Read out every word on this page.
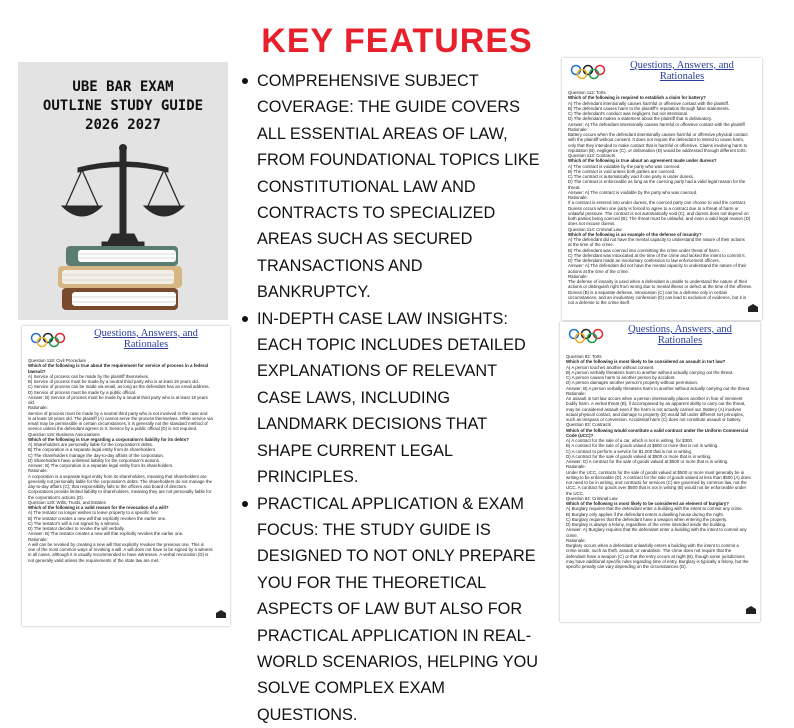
KEY FEATURES
UBE BAR EXAM
OUTLINE STUDY GUIDE
2026 2027
COMPREHENSIVE SUBJECT COVERAGE: THE GUIDE COVERS ALL ESSENTIAL AREAS OF LAW, FROM FOUNDATIONAL TOPICS LIKE CONSTITUTIONAL LAW AND CONTRACTS TO SPECIALIZED AREAS SUCH AS SECURED TRANSACTIONS AND BANKRUPTCY.
IN-DEPTH CASE LAW INSIGHTS: EACH TOPIC INCLUDES DETAILED EXPLANATIONS OF RELEVANT CASE LAWS, INCLUDING LANDMARK DECISIONS THAT SHAPE CURRENT LEGAL PRINCIPLES.
PRACTICAL APPLICATION & EXAM FOCUS: THE STUDY GUIDE IS DESIGNED TO NOT ONLY PREPARE YOU FOR THE THEORETICAL ASPECTS OF LAW BUT ALSO FOR PRACTICAL APPLICATION IN REAL-WORLD SCENARIOS, HELPING YOU SOLVE COMPLEX EXAM QUESTIONS.
Questions, Answers, and
Rationales
Question 112: Torts
Which of the following is required to establish a claim for battery?
A) The defendant intentionally causes harmful or offensive contact with the plaintiff.
B) The defendant causes harm to the plaintiff's reputation through false statements.
C) The defendant's conduct was negligent, but not intentional.
D) The defendant makes a statement about the plaintiff that is defamatory.
Answer: A) The defendant intentionally causes harmful or offensive contact with the plaintiff.
Rationale:
Battery occurs when the defendant intentionally causes harmful or offensive physical contact
with the plaintiff without consent. It does not require the defendant to intend to cause harm,
only that they intended to make contact that is harmful or offensive. Claims involving harm to
reputation (B), negligence (C), or defamation (D) would be addressed through different torts.
Question 113: Contracts
Which of the following is true about an agreement made under duress?
A) The contract is voidable by the party who was coerced.
B) The contract is void unless both parties are coerced.
C) The contract is automatically void if one party is under duress.
D) The contract is enforceable as long as the coercing party had a valid legal reason for the
threat.
Answer: A) The contract is voidable by the party who was coerced.
Rationale:
If a contract is entered into under duress, the coerced party can choose to void the contract.
Duress occurs when one party is forced to agree to a contract due to a threat of harm or
unlawful pressure. The contract is not automatically void (C), and duress does not depend on
both parties being coerced (B). The threat must be unlawful, and even a valid legal reason (D)
does not excuse duress.
Question 114: Criminal Law
Which of the following is an example of the defense of insanity?
A) The defendant did not have the mental capacity to understand the nature of their actions
at the time of the crime.
B) The defendant was coerced into committing the crime under threat of harm.
C) The defendant was intoxicated at the time of the crime and lacked the intent to commit it.
D) The defendant made an involuntary confession to law enforcement officers.
Answer: A) The defendant did not have the mental capacity to understand the nature of their
actions at the time of the crime.
Rationale:
The defense of insanity is used when a defendant is unable to understand the nature of their
actions or distinguish right from wrong due to mental illness or defect at the time of the offense.
Duress (B) is a separate defense, intoxication (C) can be a defense only in certain
circumstances, and an involuntary confession (D) can lead to exclusion of evidence, but it is
not a defense to the crime itself.
Questions, Answers, and
Rationales
Question 118: Civil Procedure
Which of the following is true about the requirement for service of process in a federal
lawsuit?
A) Service of process can be made by the plaintiff themselves.
B) Service of process must be made by a neutral third party who is at least 18 years old.
C) Service of process can be made via email, as long as the defendant has an email address.
D) Service of process must be made by a public official.
Answer: B) Service of process must be made by a neutral third party who is at least 18 years
old.
Rationale:
Service of process must be made by a neutral third party who is not involved in the case and
is at least 18 years old. The plaintiff (A) cannot serve the process themselves. While service via
email may be permissible in certain circumstances, it is generally not the standard method of
service unless the defendant agrees to it. Service by a public official (D) is not required.
Question 119: Business Associations
Which of the following is true regarding a corporation's liability for its debts?
A) Shareholders are personally liable for the corporation's debts.
B) The corporation is a separate legal entity from its shareholders.
C) The shareholders manage the day-to-day affairs of the corporation.
D) Shareholders have unlimited liability for the corporation's actions.
Answer: B) The corporation is a separate legal entity from its shareholders.
Rationale:
A corporation is a separate legal entity from its shareholders, meaning that shareholders are
generally not personally liable for the corporation's debts. The shareholders do not manage the
day-to-day affairs (C); that responsibility falls to the officers and board of directors.
Corporations provide limited liability to shareholders, meaning they are not personally liable for
the corporation's actions (D).
Question 120: Wills, Trusts, and Estates
Which of the following is a valid reason for the revocation of a will?
A) The testator no longer wishes to leave property to a specific heir.
B) The testator creates a new will that explicitly revokes the earlier one.
C) The testator's will is not signed by a witness.
D) The testator decides to revoke the will verbally.
Answer: B) The testator creates a new will that explicitly revokes the earlier one.
Rationale:
A will can be revoked by creating a new will that explicitly revokes the previous one. This is
one of the most common ways of revoking a will. A will does not have to be signed by a witness
in all cases, although it is usually recommended to have witnesses. A verbal revocation (D) is
not generally valid unless the requirements of the state law are met.
Questions, Answers, and
Rationales
Question 82: Torts
Which of the following is most likely to be considered an assault in tort law?
A) A person touches another without consent.
B) A person verbally threatens harm to another without actually carrying out the threat.
C) A person causes harm to another person by accident.
D) A person damages another person's property without permission.
Answer: B) A person verbally threatens harm to another without actually carrying out the threat.
Rationale:
An assault in tort law occurs when a person intentionally places another in fear of imminent
bodily harm. A verbal threat (B), if accompanied by an apparent ability to carry out the threat,
may be considered assault even if the harm is not actually carried out. Battery (A) involves
actual physical contact, and damage to property (D) would fall under different tort principles,
such as trespass or conversion. Accidental harm (C) does not constitute assault or battery.
Question 83: Contracts
Which of the following would constitute a valid contract under the Uniform Commercial
Code (UCC)?
A) A contract for the sale of a car, which is not in writing, for $300.
B) A contract for the sale of goods valued at $600 or more that is not in writing.
C) A contract to perform a service for $1,000 that is not in writing.
D) A contract for the sale of goods valued at $500 or more that is in writing.
Answer: D) A contract for the sale of goods valued at $500 or more that is in writing.
Rationale:
Under the UCC, contracts for the sale of goods valued at $500 or more must generally be in
writing to be enforceable (D). A contract for the sale of goods valued at less than $500 (A) does
not need to be in writing, and contracts for services (C) are governed by common law, not the
UCC. A contract for goods over $500 that is not in writing (B) would not be enforceable under
the UCC.
Question 84: Criminal Law
Which of the following is most likely to be considered an element of burglary?
A) Burglary requires that the defendant enter a building with the intent to commit any crime.
B) Burglary only applies if the defendant enters a dwelling house during the night.
C) Burglary requires that the defendant have a weapon when entering the property.
D) Burglary is always a felony, regardless of the crime intended inside the building.
Answer: A) Burglary requires that the defendant enter a building with the intent to commit any
crime.
Rationale:
Burglary occurs when a defendant unlawfully enters a building with the intent to commit a
crime inside, such as theft, assault, or vandalism. The crime does not require that the
defendant have a weapon (C) or that the entry occurs at night (B), though some jurisdictions
may have additional specific rules regarding time of entry. Burglary is typically a felony, but the
specific penalty can vary depending on the circumstances (D).
